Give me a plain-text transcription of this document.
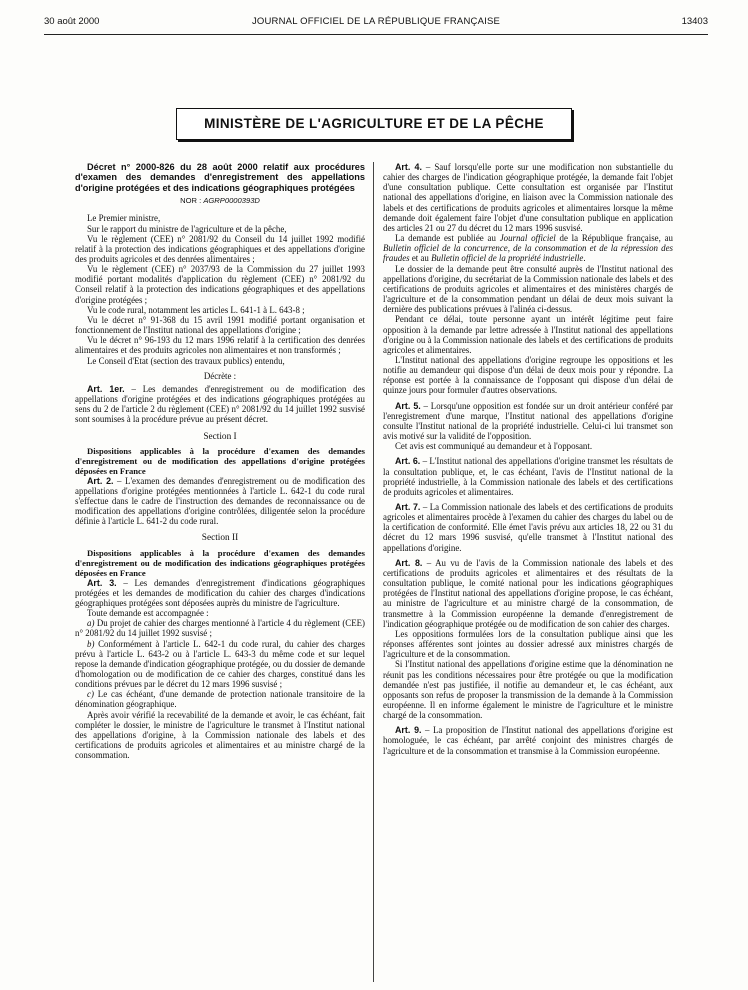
30 août 2000	JOURNAL OFFICIEL DE LA RÉPUBLIQUE FRANÇAISE	13403
MINISTÈRE DE L'AGRICULTURE ET DE LA PÊCHE

Décret n° 2000-826 du 28 août 2000 relatif aux procédures d'examen des demandes d'enregistrement des appellations d'origine protégées et des indications géographiques protégées

NOR : AGRP0000393D

Le Premier ministre,

Sur le rapport du ministre de l'agriculture et de la pêche,

Vu le règlement (CEE) n° 2081/92 du Conseil du 14 juillet 1992 modifié relatif à la protection des indications géographiques et des appellations d'origine des produits agricoles et des denrées alimentaires ;

Vu le règlement (CEE) n° 2037/93 de la Commission du 27 juillet 1993 modifié portant modalités d'application du règlement (CEE) n° 2081/92 du Conseil relatif à la protection des indications géographiques et des appellations d'origine protégées ;

Vu le code rural, notamment les articles L. 641-1 à L. 643-8 ;

Vu le décret n° 91-368 du 15 avril 1991 modifié portant organisation et fonctionnement de l'Institut national des appellations d'origine ;

Vu le décret n° 96-193 du 12 mars 1996 relatif à la certification des denrées alimentaires et des produits agricoles non alimentaires et non transformés ;

Le Conseil d'Etat (section des travaux publics) entendu,

Décrète :

Art. 1er. – Les demandes d'enregistrement ou de modification des appellations d'origine protégées et des indications géographiques protégées au sens du 2 de l'article 2 du règlement (CEE) n° 2081/92 du 14 juillet 1992 susvisé sont soumises à la procédure prévue au présent décret.

Section I

Dispositions applicables à la procédure d'examen des demandes d'enregistrement ou de modification des appellations d'origine protégées déposées en France

Art. 2. – L'examen des demandes d'enregistrement ou de modification des appellations d'origine protégées mentionnées à l'article L. 642-1 du code rural s'effectue dans le cadre de l'instruction des demandes de reconnaissance ou de modification des appellations d'origine contrôlées, diligentée selon la procédure définie à l'article L. 641-2 du code rural.

Section II

Dispositions applicables à la procédure d'examen des demandes d'enregistrement ou de modification des indications géographiques protégées déposées en France

Art. 3. – Les demandes d'enregistrement d'indications géographiques protégées et les demandes de modification du cahier des charges d'indications géographiques protégées sont déposées auprès du ministre de l'agriculture.

Toute demande est accompagnée :

a) Du projet de cahier des charges mentionné à l'article 4 du règlement (CEE) n° 2081/92 du 14 juillet 1992 susvisé ;

b) Conformément à l'article L. 642-1 du code rural, du cahier des charges prévu à l'article L. 643-2 ou à l'article L. 643-3 du même code et sur lequel repose la demande d'indication géographique protégée, ou du dossier de demande d'homologation ou de modification de ce cahier des charges, constitué dans les conditions prévues par le décret du 12 mars 1996 susvisé ;

c) Le cas échéant, d'une demande de protection nationale transitoire de la dénomination géographique.

Après avoir vérifié la recevabilité de la demande et avoir, le cas échéant, fait compléter le dossier, le ministre de l'agriculture le transmet à l'Institut national des appellations d'origine, à la Commission nationale des labels et des certifications de produits agricoles et alimentaires et au ministre chargé de la consommation.

Art. 4. – Sauf lorsqu'elle porte sur une modification non substantielle du cahier des charges de l'indication géographique protégée, la demande fait l'objet d'une consultation publique. Cette consultation est organisée par l'Institut national des appellations d'origine, en liaison avec la Commission nationale des labels et des certifications de produits agricoles et alimentaires lorsque la même demande doit également faire l'objet d'une consultation publique en application des articles 21 ou 27 du décret du 12 mars 1996 susvisé.

La demande est publiée au Journal officiel de la République française, au Bulletin officiel de la concurrence, de la consommation et de la répression des fraudes et au Bulletin officiel de la propriété industrielle.

Le dossier de la demande peut être consulté auprès de l'Institut national des appellations d'origine, du secrétariat de la Commission nationale des labels et des certifications de produits agricoles et alimentaires et des ministères chargés de l'agriculture et de la consommation pendant un délai de deux mois suivant la dernière des publications prévues à l'alinéa ci-dessus.

Pendant ce délai, toute personne ayant un intérêt légitime peut faire opposition à la demande par lettre adressée à l'Institut national des appellations d'origine ou à la Commission nationale des labels et des certifications de produits agricoles et alimentaires.

L'Institut national des appellations d'origine regroupe les oppositions et les notifie au demandeur qui dispose d'un délai de deux mois pour y répondre. La réponse est portée à la connaissance de l'opposant qui dispose d'un délai de quinze jours pour formuler d'autres observations.

Art. 5. – Lorsqu'une opposition est fondée sur un droit antérieur conféré par l'enregistrement d'une marque, l'Institut national des appellations d'origine consulte l'Institut national de la propriété industrielle. Celui-ci lui transmet son avis motivé sur la validité de l'opposition.

Cet avis est communiqué au demandeur et à l'opposant.

Art. 6. – L'Institut national des appellations d'origine transmet les résultats de la consultation publique, et, le cas échéant, l'avis de l'Institut national de la propriété industrielle, à la Commission nationale des labels et des certifications de produits agricoles et alimentaires.

Art. 7. – La Commission nationale des labels et des certifications de produits agricoles et alimentaires procède à l'examen du cahier des charges du label ou de la certification de conformité. Elle émet l'avis prévu aux articles 18, 22 ou 31 du décret du 12 mars 1996 susvisé, qu'elle transmet à l'Institut national des appellations d'origine.

Art. 8. – Au vu de l'avis de la Commission nationale des labels et des certifications de produits agricoles et alimentaires et des résultats de la consultation publique, le comité national pour les indications géographiques protégées de l'Institut national des appellations d'origine propose, le cas échéant, au ministre de l'agriculture et au ministre chargé de la consommation, de transmettre à la Commission européenne la demande d'enregistrement de l'indication géographique protégée ou de modification de son cahier des charges.

Les oppositions formulées lors de la consultation publique ainsi que les réponses afférentes sont jointes au dossier adressé aux ministres chargés de l'agriculture et de la consommation.

Si l'Institut national des appellations d'origine estime que la dénomination ne réunit pas les conditions nécessaires pour être protégée ou que la modification demandée n'est pas justifiée, il notifie au demandeur et, le cas échéant, aux opposants son refus de proposer la transmission de la demande à la Commission européenne. Il en informe également le ministre de l'agriculture et le ministre chargé de la consommation.

Art. 9. – La proposition de l'Institut national des appellations d'origine est homologuée, le cas échéant, par arrêté conjoint des ministres chargés de l'agriculture et de la consommation et transmise à la Commission européenne.
